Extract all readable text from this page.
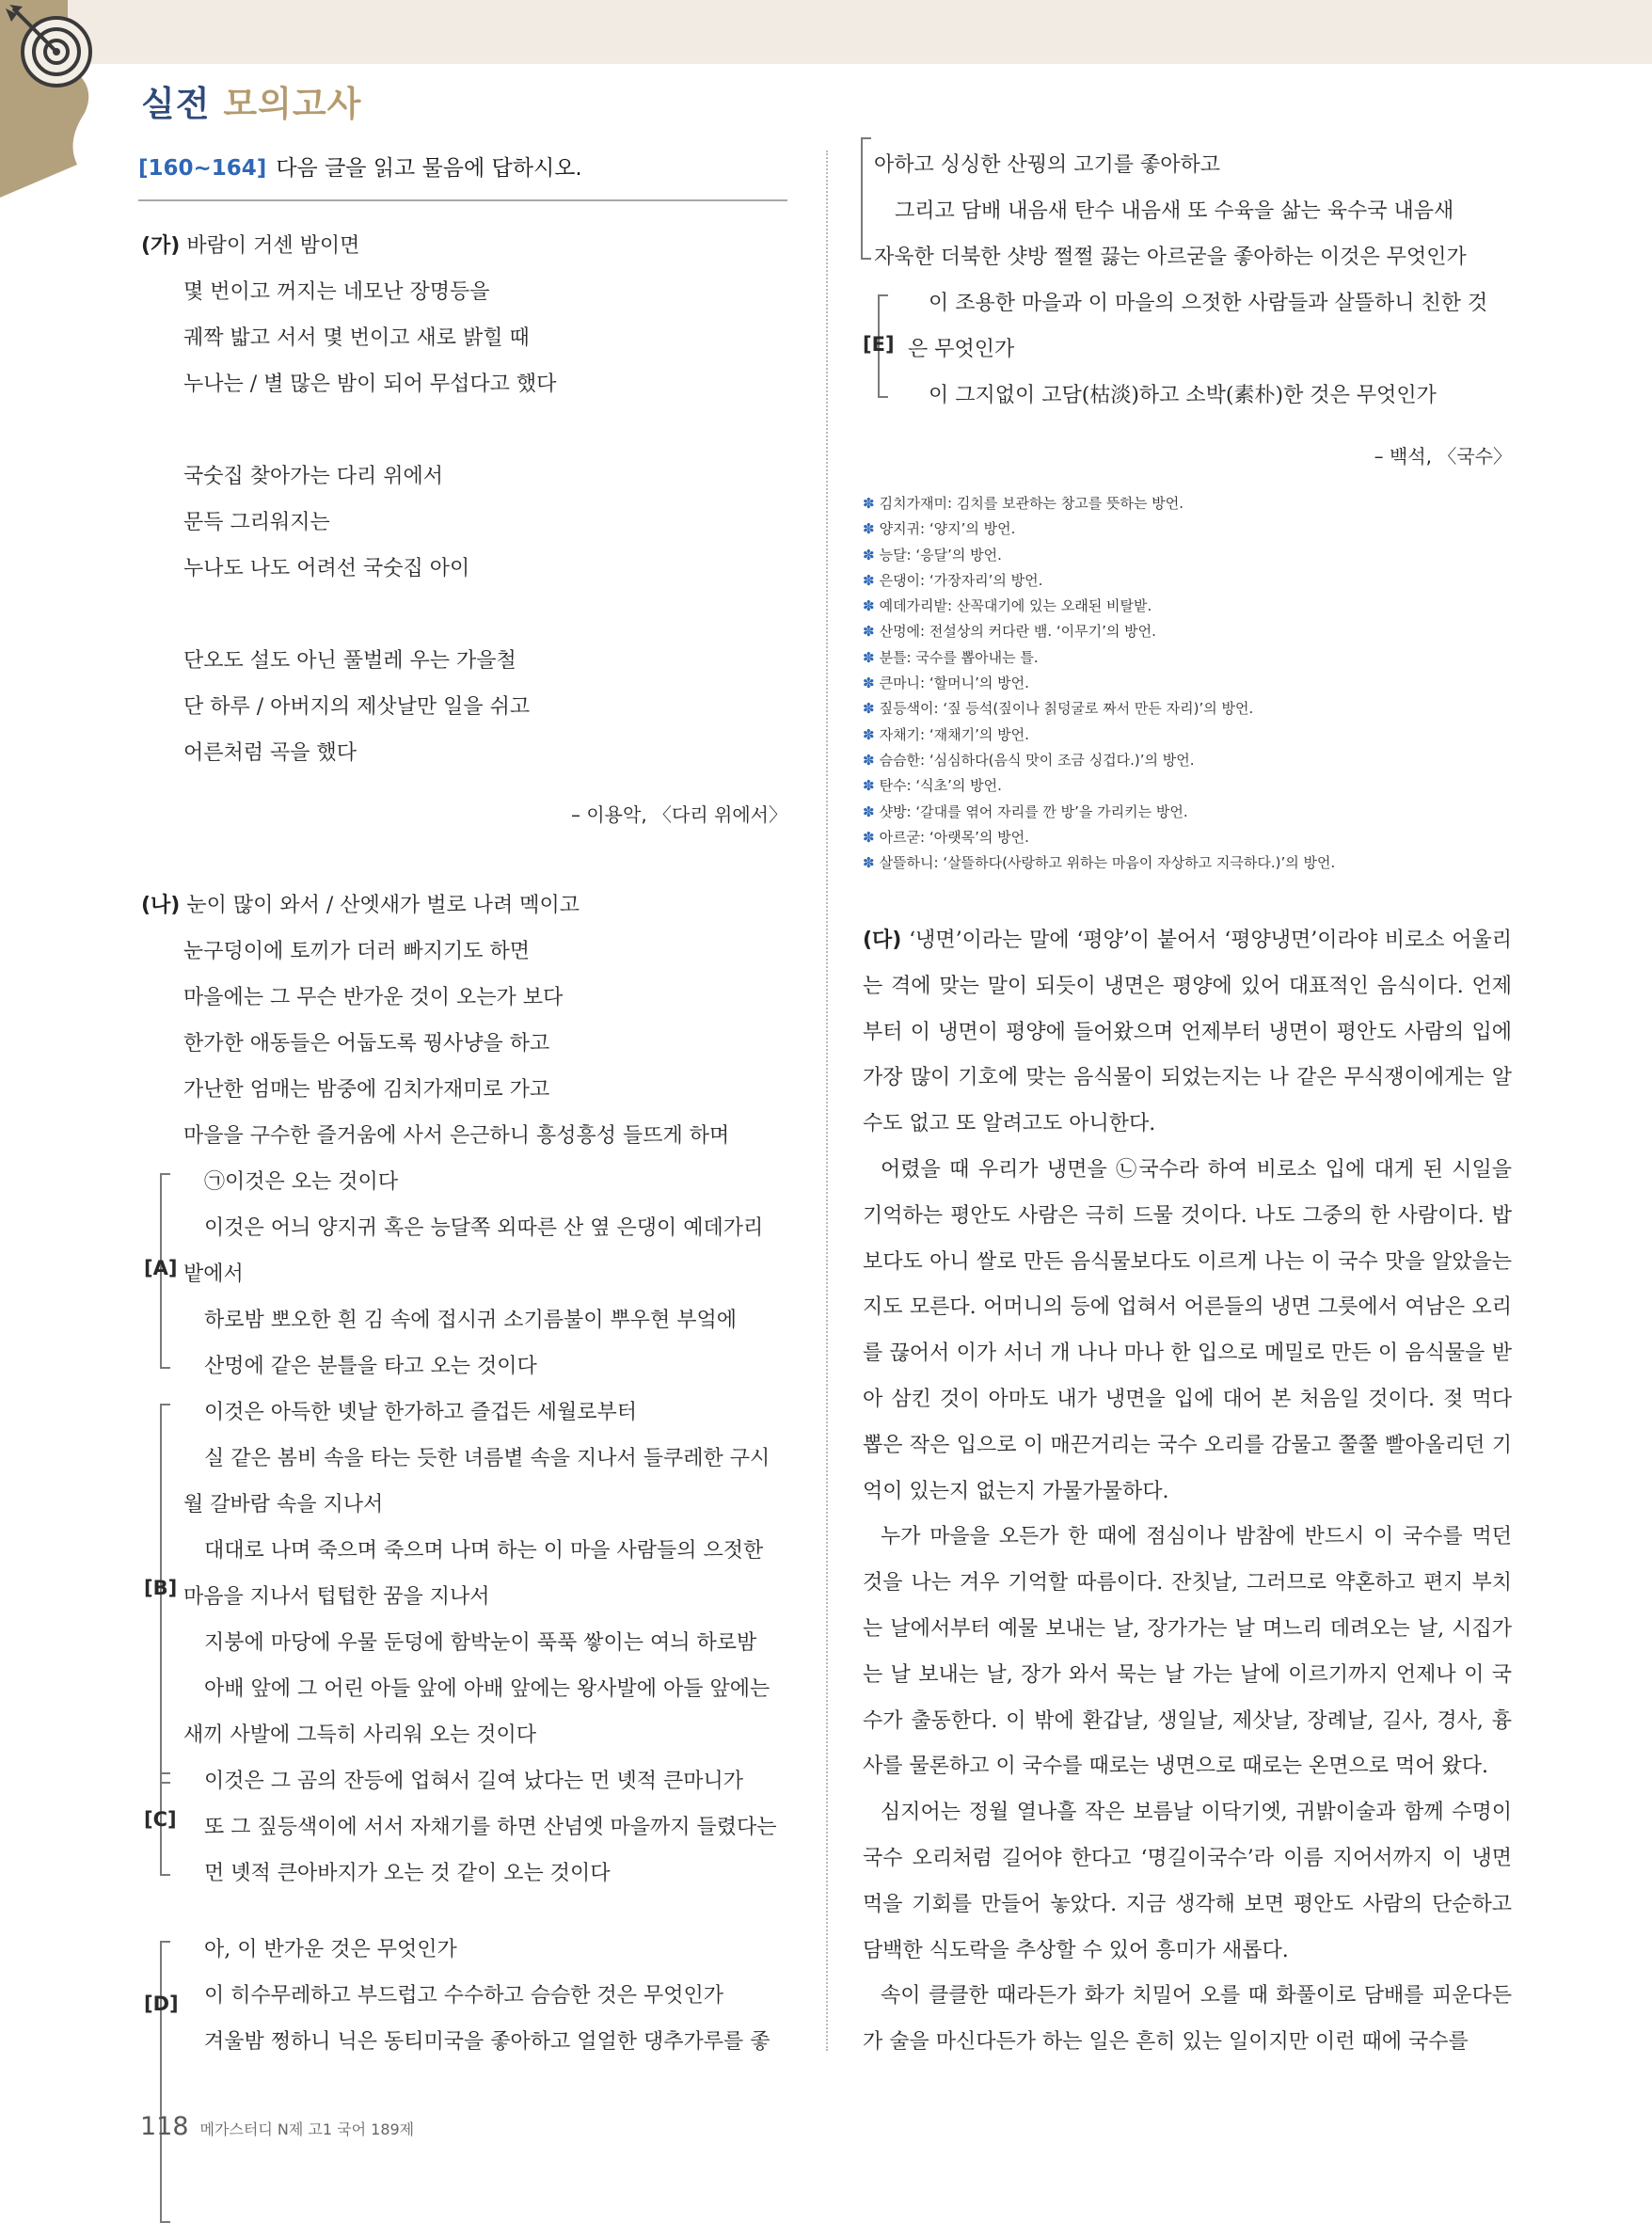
실전 모의고사
[160~164] 다음 글을 읽고 물음에 답하시오.
(가) 바람이 거센 밤이면
몇 번이고 꺼지는 네모난 장명등을
궤짝 밟고 서서 몇 번이고 새로 밝힐 때
누나는 / 별 많은 밤이 되어 무섭다고 했다
국숫집 찾아가는 다리 위에서
문득 그리워지는
누나도 나도 어려선 국숫집 아이
단오도 설도 아닌 풀벌레 우는 가을철
단 하루 / 아버지의 제삿날만 일을 쉬고
어른처럼 곡을 했다
– 이용악, 〈다리 위에서〉
(나) 눈이 많이 와서 / 산엣새가 벌로 나려 멕이고
눈구덩이에 토끼가 더러 빠지기도 하면
마을에는 그 무슨 반가운 것이 오는가 보다
한가한 애동들은 어둡도록 꿩사냥을 하고
가난한 엄매는 밤중에 김치가재미로 가고
마을을 구수한 즐거움에 사서 은근하니 흥성흥성 들뜨게 하며
[A]
㉠이것은 오는 것이다
이것은 어늬 양지귀 혹은 능달쪽 외따른 산 옆 은댕이 예데가리
밭에서
하로밤 뽀오한 흰 김 속에 접시귀 소기름불이 뿌우현 부엌에
산멍에 같은 분틀을 타고 오는 것이다
[B]
이것은 아득한 녯날 한가하고 즐겁든 세월로부터
실 같은 봄비 속을 타는 듯한 녀름볕 속을 지나서 들쿠레한 구시
월 갈바람 속을 지나서
대대로 나며 죽으며 죽으며 나며 하는 이 마을 사람들의 으젓한
마음을 지나서 텁텁한 꿈을 지나서
지붕에 마당에 우물 둔덩에 함박눈이 푹푹 쌓이는 여늬 하로밤
아배 앞에 그 어린 아들 앞에 아배 앞에는 왕사발에 아들 앞에는
새끼 사발에 그득히 사리워 오는 것이다
[C]
이것은 그 곰의 잔등에 업혀서 길여 났다는 먼 녯적 큰마니가
또 그 짚등색이에 서서 자채기를 하면 산넘엣 마을까지 들렸다는
먼 녯적 큰아바지가 오는 것 같이 오는 것이다
[D]
아, 이 반가운 것은 무엇인가
이 히수무레하고 부드럽고 수수하고 슴슴한 것은 무엇인가
겨울밤 쩡하니 닉은 동티미국을 좋아하고 얼얼한 댕추가루를 좋
아하고 싱싱한 산꿩의 고기를 좋아하고
그리고 담배 내음새 탄수 내음새 또 수육을 삶는 육수국 내음새
자욱한 더북한 샷방 쩔쩔 끓는 아르굳을 좋아하는 이것은 무엇인가
[E]
이 조용한 마을과 이 마을의 으젓한 사람들과 살뜰하니 친한 것
은 무엇인가
이 그지없이 고담(枯淡)하고 소박(素朴)한 것은 무엇인가
– 백석, 〈국수〉
✽ 김치가재미: 김치를 보관하는 창고를 뜻하는 방언.
✽ 양지귀: ‘양지’의 방언.
✽ 능달: ‘응달’의 방언.
✽ 은댕이: ‘가장자리’의 방언.
✽ 예데가리밭: 산꼭대기에 있는 오래된 비탈밭.
✽ 산멍에: 전설상의 커다란 뱀. ‘이무기’의 방언.
✽ 분틀: 국수를 뽑아내는 틀.
✽ 큰마니: ‘할머니’의 방언.
✽ 짚등색이: ‘짚 등석(짚이나 칡덩굴로 짜서 만든 자리)’의 방언.
✽ 자채기: ‘재채기’의 방언.
✽ 슴슴한: ‘심심하다(음식 맛이 조금 싱겁다.)’의 방언.
✽ 탄수: ‘식초’의 방언.
✽ 샷방: ‘갈대를 엮어 자리를 깐 방’을 가리키는 방언.
✽ 아르굳: ‘아랫목’의 방언.
✽ 살뜰하니: ‘살뜰하다(사랑하고 위하는 마음이 자상하고 지극하다.)’의 방언.

(다) ‘냉면’이라는 말에 ‘평양’이 붙어서 ‘평양냉면’이라야 비로소 어울리는 격에 맞는 말이 되듯이 냉면은 평양에 있어 대표적인 음식이다. 언제부터 이 냉면이 평양에 들어왔으며 언제부터 냉면이 평안도 사람의 입에 가장 많이 기호에 맞는 음식물이 되었는지는 나 같은 무식쟁이에게는 알 수도 없고 또 알려고도 아니한다.

어렸을 때 우리가 냉면을 ㉡국수라 하여 비로소 입에 대게 된 시일을 기억하는 평안도 사람은 극히 드물 것이다. 나도 그중의 한 사람이다. 밥보다도 아니 쌀로 만든 음식물보다도 이르게 나는 이 국수 맛을 알았을는지도 모른다. 어머니의 등에 업혀서 어른들의 냉면 그릇에서 여남은 오리를 끊어서 이가 서너 개 나나 마나 한 입으로 메밀로 만든 이 음식물을 받아 삼킨 것이 아마도 내가 냉면을 입에 대어 본 처음일 것이다. 젖 먹다 뽑은 작은 입으로 이 매끈거리는 국수 오리를 감물고 쭐쭐 빨아올리던 기억이 있는지 없는지 가물가물하다.

누가 마을을 오든가 한 때에 점심이나 밤참에 반드시 이 국수를 먹던 것을 나는 겨우 기억할 따름이다. 잔칫날, 그러므로 약혼하고 편지 부치는 날에서부터 예물 보내는 날, 장가가는 날 며느리 데려오는 날, 시집가는 날 보내는 날, 장가 와서 묵는 날 가는 날에 이르기까지 언제나 이 국수가 출동한다. 이 밖에 환갑날, 생일날, 제삿날, 장례날, 길사, 경사, 흉사를 물론하고 이 국수를 때로는 냉면으로 때로는 온면으로 먹어 왔다.

심지어는 정월 열나흘 작은 보름날 이닥기엣, 귀밝이술과 함께 수명이 국수 오리처럼 길어야 한다고 ‘명길이국수’라 이름 지어서까지 이 냉면 먹을 기회를 만들어 놓았다. 지금 생각해 보면 평안도 사람의 단순하고 담백한 식도락을 추상할 수 있어 흥미가 새롭다.

속이 클클한 때라든가 화가 치밀어 오를 때 화풀이로 담배를 피운다든가 술을 마신다든가 하는 일은 흔히 있는 일이지만 이런 때에 국수를

118 메가스터디 N제 고1 국어 189제
